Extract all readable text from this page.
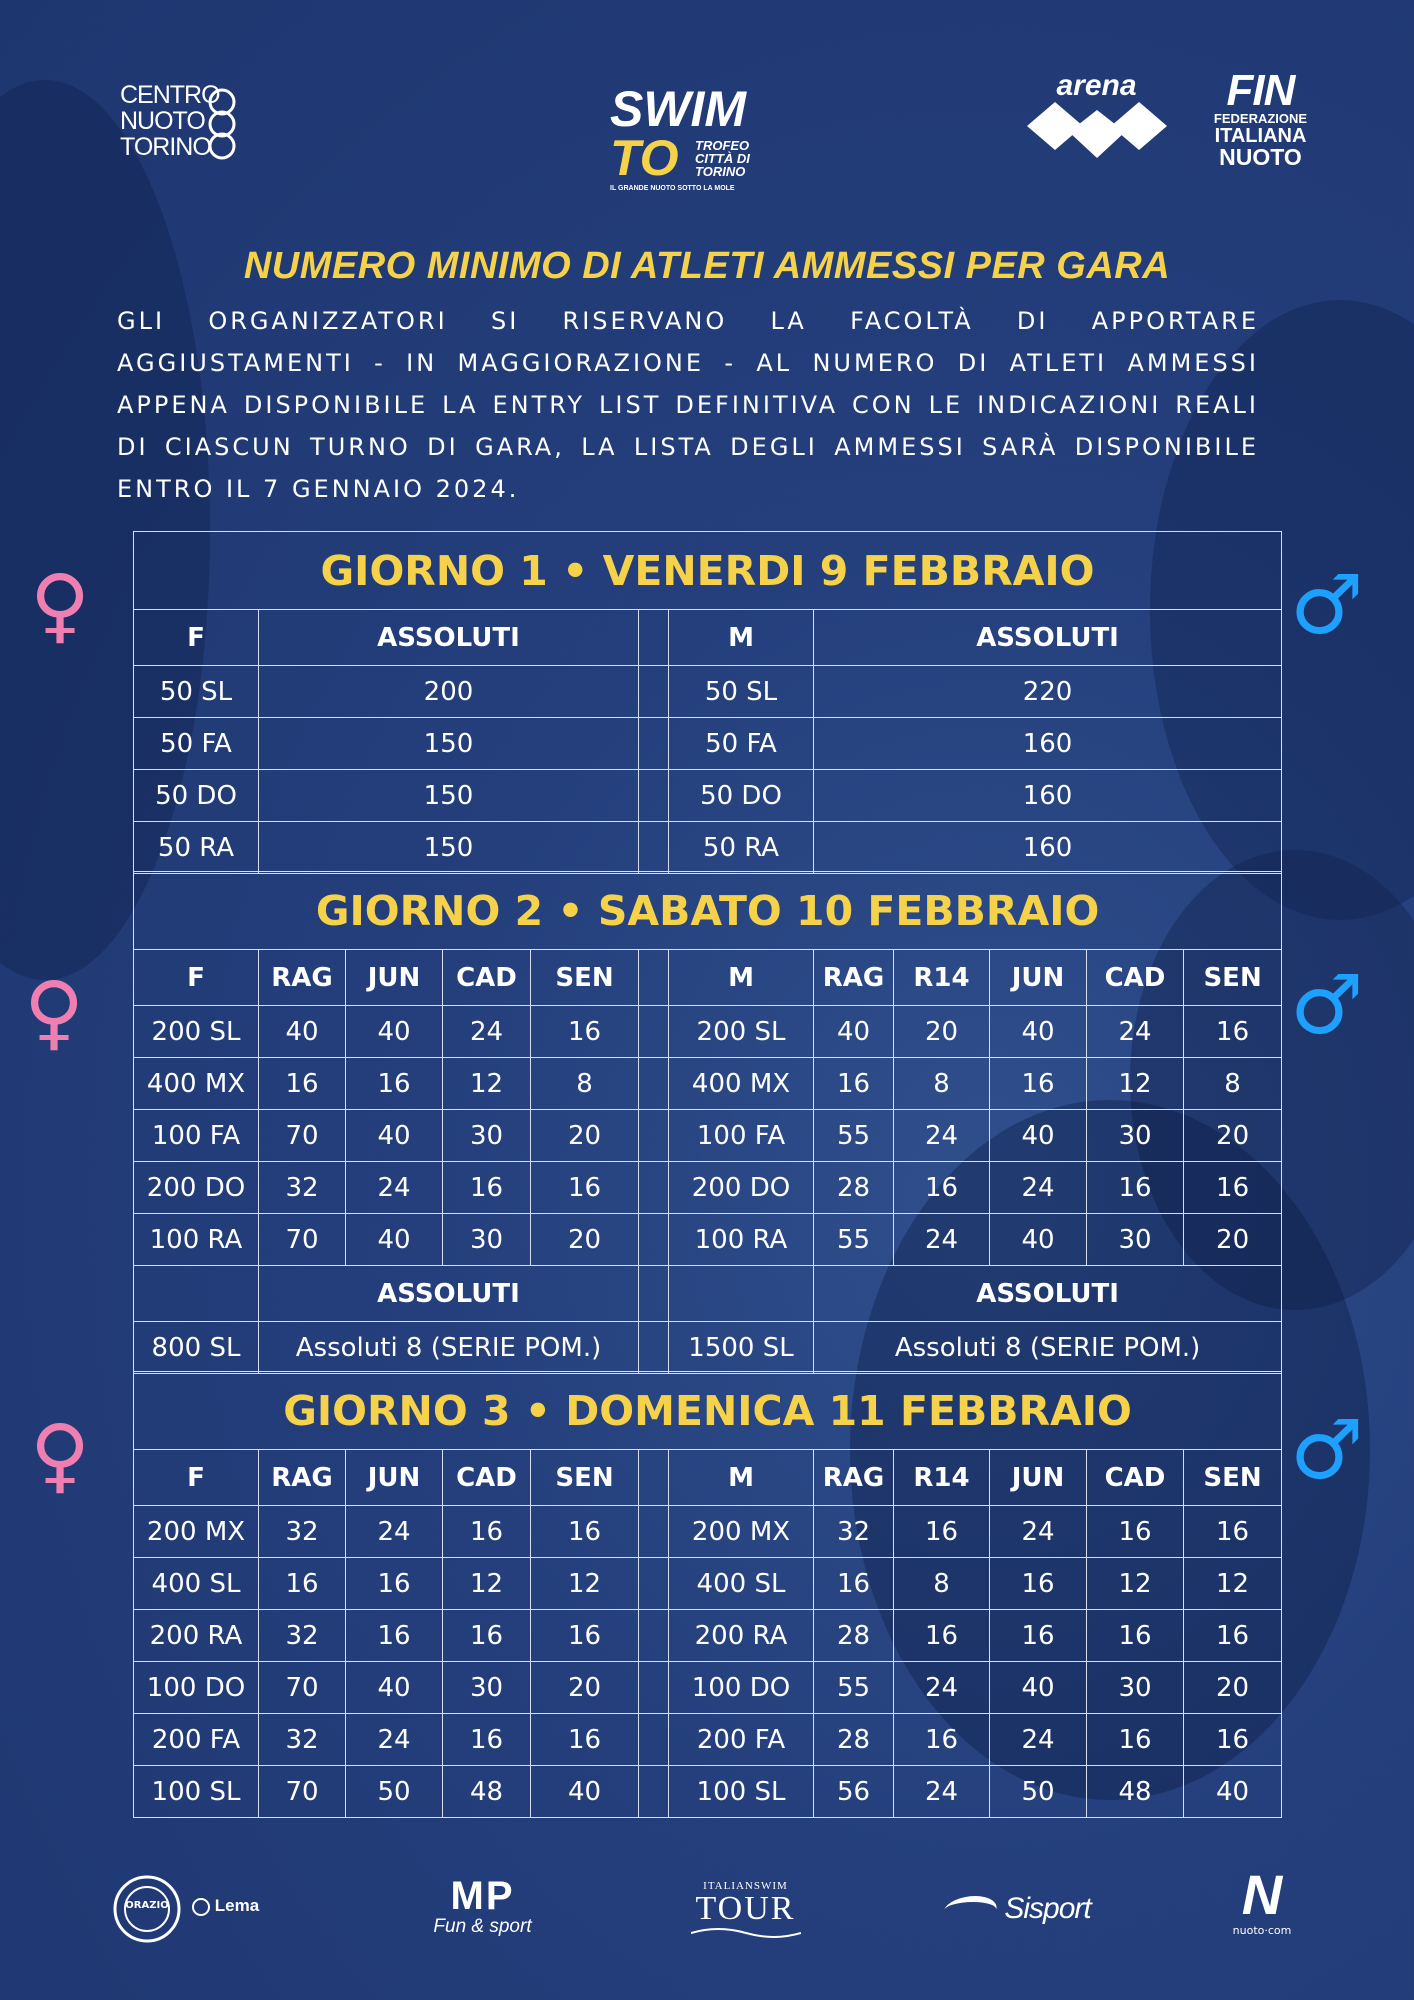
CENTRO
NUOTO
TORINO
SWIM
TO TROFEO
CITTÀ DI
TORINO
IL GRANDE NUOTO SOTTO LA MOLE
arena	FIN
FEDERAZIONE
ITALIANA
NUOTO
NUMERO MINIMO DI ATLETI AMMESSI PER GARA
GLI ORGANIZZATORI SI RISERVANO LA FACOLTÀ DI APPORTARE AGGIUSTAMENTI - IN MAGGIORAZIONE - AL NUMERO DI ATLETI AMMESSI APPENA DISPONIBILE LA ENTRY LIST DEFINITIVA CON LE INDICAZIONI REALI DI CIASCUN TURNO DI GARA, LA LISTA DEGLI AMMESSI SARÀ DISPONIBILE ENTRO IL 7 GENNAIO 2024.
♀	♂
♀	♂
♀	♂
GIORNO 1 • VENERDI 9 FEBBRAIO				
F	ASSOLUTI		M	ASSOLUTI
50 SL	200		50 SL	220
50 FA	150		50 FA	160
50 DO	150		50 DO	160
50 RA	150		50 RA	160
GIORNO 2 • SABATO 10 FEBBRAIO											
F	RAG	JUN	CAD	SEN		M	RAG	R14	JUN	CAD	SEN
200 SL	40	40	24	16		200 SL	40	20	40	24	16
400 MX	16	16	12	8		400 MX	16	8	16	12	8
100 FA	70	40	30	20		100 FA	55	24	40	30	20
200 DO	32	24	16	16		200 DO	28	16	24	16	16
100 RA	70	40	30	20		100 RA	55	24	40	30	20
	ASSOLUTI						ASSOLUTI				
800 SL	Assoluti 8 (SERIE POM.)					1500 SL	Assoluti 8 (SERIE POM.)				
GIORNO 3 • DOMENICA 11 FEBBRAIO											
F	RAG	JUN	CAD	SEN		M	RAG	R14	JUN	CAD	SEN
200 MX	32	24	16	16		200 MX	32	16	24	16	16
400 SL	16	16	12	12		400 SL	16	8	16	12	12
200 RA	32	16	16	16		200 RA	28	16	16	16	16
100 DO	70	40	30	20		100 DO	55	24	40	30	20
200 FA	32	24	16	16		200 FA	28	16	24	16	16
100 SL	70	50	48	40		100 SL	56	24	50	48	40
ORAZIO	Lema	MP
Fun & sport
ITALIANSWIM
TOUR	Sisport	N
nuoto·com
